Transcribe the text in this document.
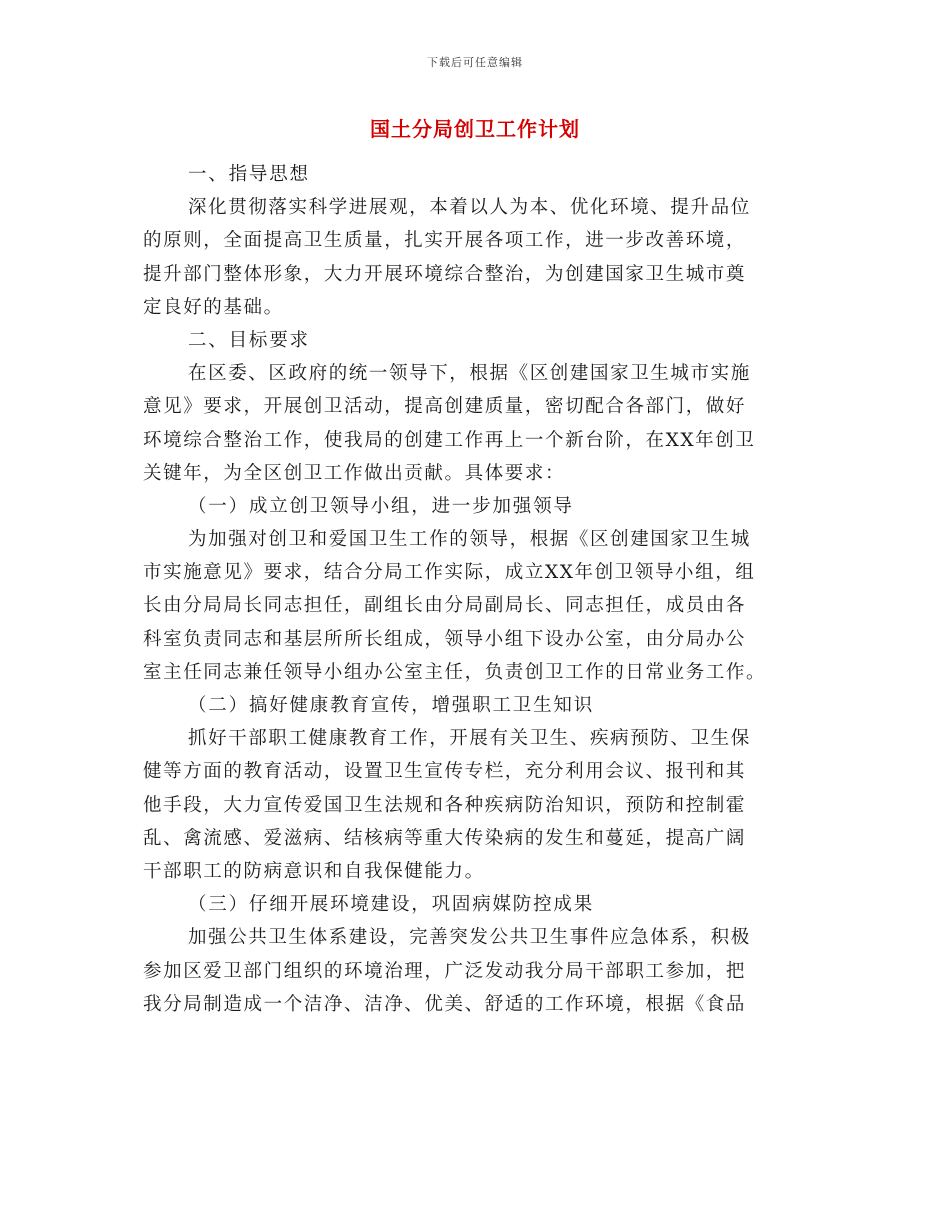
下载后可任意编辑
国土分局创卫工作计划
一、指导思想
深化贯彻落实科学进展观，本着以人为本、优化环境、提升品位
的原则，全面提高卫生质量，扎实开展各项工作，进一步改善环境，
提升部门整体形象，大力开展环境综合整治，为创建国家卫生城市奠
定良好的基础。
二、目标要求
在区委、区政府的统一领导下，根据《区创建国家卫生城市实施
意见》要求，开展创卫活动，提高创建质量，密切配合各部门，做好
环境综合整治工作，使我局的创建工作再上一个新台阶，在XX年创卫
关键年，为全区创卫工作做出贡献。具体要求：
（一）成立创卫领导小组，进一步加强领导
为加强对创卫和爱国卫生工作的领导，根据《区创建国家卫生城
市实施意见》要求，结合分局工作实际，成立XX年创卫领导小组，组
长由分局局长同志担任，副组长由分局副局长、同志担任，成员由各
科室负责同志和基层所所长组成，领导小组下设办公室，由分局办公
室主任同志兼任领导小组办公室主任，负责创卫工作的日常业务工作。
（二）搞好健康教育宣传，增强职工卫生知识
抓好干部职工健康教育工作，开展有关卫生、疾病预防、卫生保
健等方面的教育活动，设置卫生宣传专栏，充分利用会议、报刊和其
他手段，大力宣传爱国卫生法规和各种疾病防治知识，预防和控制霍
乱、禽流感、爱滋病、结核病等重大传染病的发生和蔓延，提高广阔
干部职工的防病意识和自我保健能力。
（三）仔细开展环境建设，巩固病媒防控成果
加强公共卫生体系建设，完善突发公共卫生事件应急体系，积极
参加区爱卫部门组织的环境治理，广泛发动我分局干部职工参加，把
我分局制造成一个洁净、洁净、优美、舒适的工作环境，根据《食品
